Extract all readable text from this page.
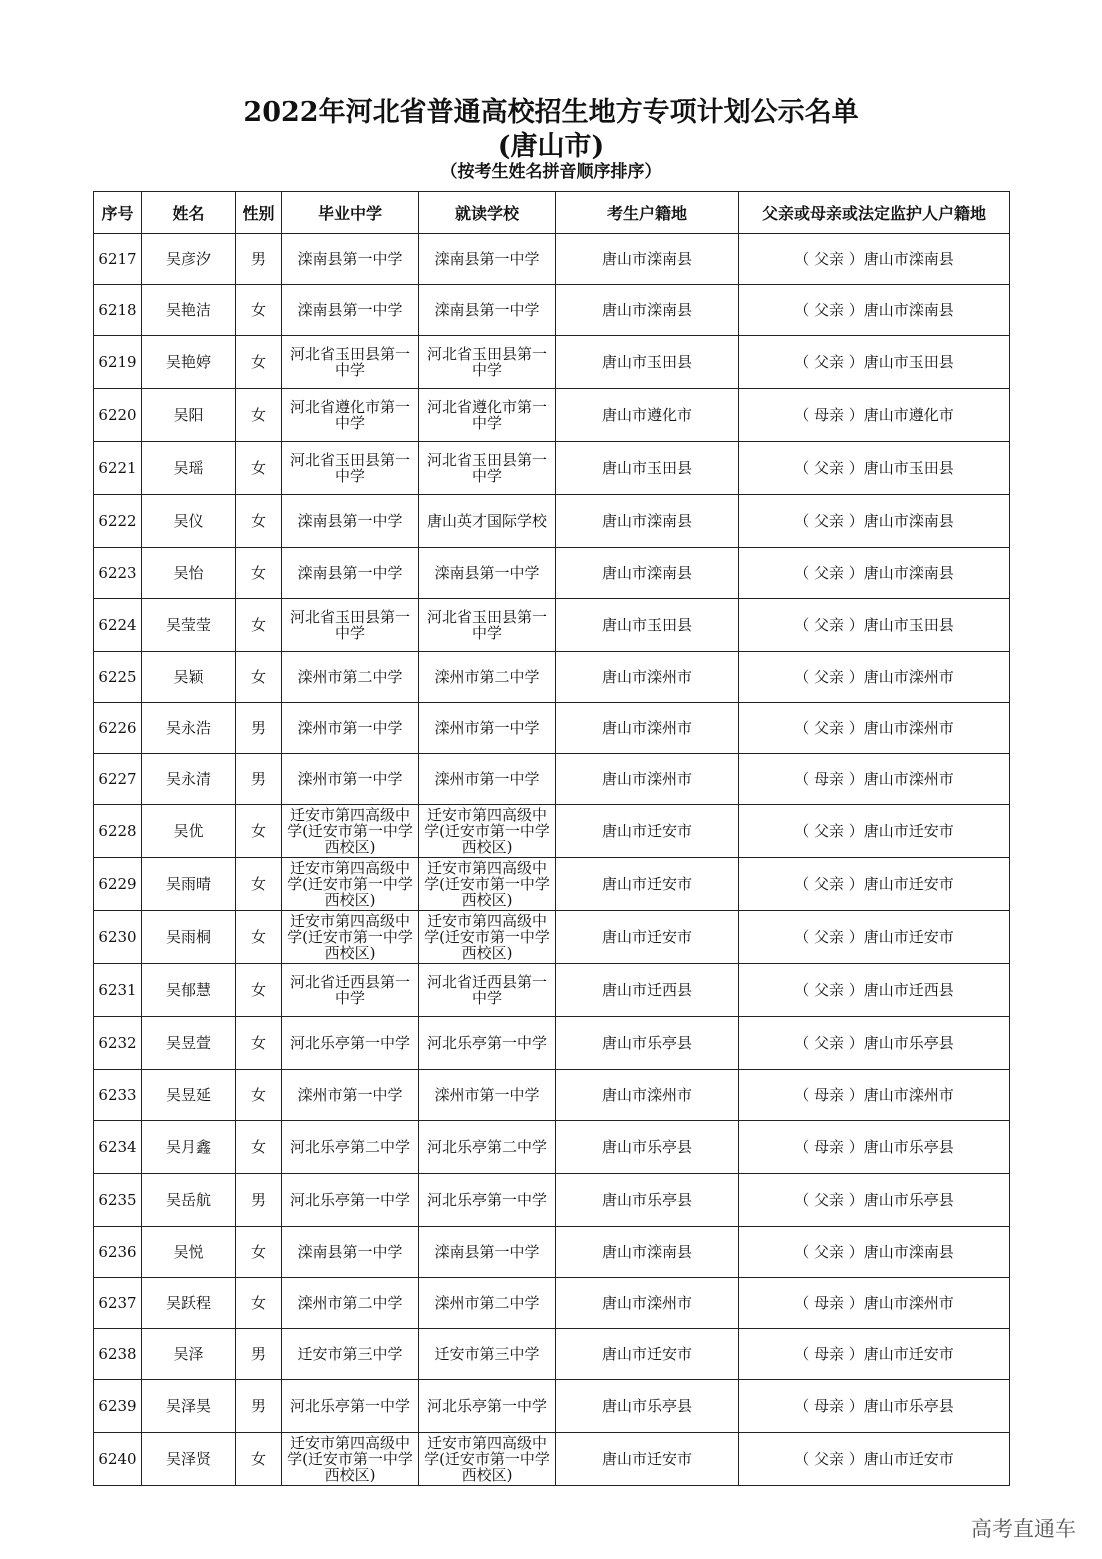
2022年河北省普通高校招生地方专项计划公示名单
(唐山市)
（按考生姓名拼音顺序排序）
序号	姓名	性别	毕业中学	就读学校	考生户籍地	父亲或母亲或法定监护人户籍地
6217	吴彦汐	男	滦南县第一中学	滦南县第一中学	唐山市滦南县	（ 父亲 ）唐山市滦南县
6218	吴艳洁	女	滦南县第一中学	滦南县第一中学	唐山市滦南县	（ 父亲 ）唐山市滦南县
6219	吴艳婷	女	河北省玉田县第一中学	河北省玉田县第一中学	唐山市玉田县	（ 父亲 ）唐山市玉田县
6220	吴阳	女	河北省遵化市第一中学	河北省遵化市第一中学	唐山市遵化市	（ 母亲 ）唐山市遵化市
6221	吴瑶	女	河北省玉田县第一中学	河北省玉田县第一中学	唐山市玉田县	（ 父亲 ）唐山市玉田县
6222	吴仪	女	滦南县第一中学	唐山英才国际学校	唐山市滦南县	（ 父亲 ）唐山市滦南县
6223	吴怡	女	滦南县第一中学	滦南县第一中学	唐山市滦南县	（ 父亲 ）唐山市滦南县
6224	吴莹莹	女	河北省玉田县第一中学	河北省玉田县第一中学	唐山市玉田县	（ 父亲 ）唐山市玉田县
6225	吴颖	女	滦州市第二中学	滦州市第二中学	唐山市滦州市	（ 父亲 ）唐山市滦州市
6226	吴永浩	男	滦州市第一中学	滦州市第一中学	唐山市滦州市	（ 父亲 ）唐山市滦州市
6227	吴永清	男	滦州市第一中学	滦州市第一中学	唐山市滦州市	（ 母亲 ）唐山市滦州市
6228	吴优	女	迁安市第四高级中学(迁安市第一中学西校区)	迁安市第四高级中学(迁安市第一中学西校区)	唐山市迁安市	（ 父亲 ）唐山市迁安市
6229	吴雨晴	女	迁安市第四高级中学(迁安市第一中学西校区)	迁安市第四高级中学(迁安市第一中学西校区)	唐山市迁安市	（ 父亲 ）唐山市迁安市
6230	吴雨桐	女	迁安市第四高级中学(迁安市第一中学西校区)	迁安市第四高级中学(迁安市第一中学西校区)	唐山市迁安市	（ 父亲 ）唐山市迁安市
6231	吴郁慧	女	河北省迁西县第一中学	河北省迁西县第一中学	唐山市迁西县	（ 父亲 ）唐山市迁西县
6232	吴昱萱	女	河北乐亭第一中学	河北乐亭第一中学	唐山市乐亭县	（ 父亲 ）唐山市乐亭县
6233	吴昱延	女	滦州市第一中学	滦州市第一中学	唐山市滦州市	（ 母亲 ）唐山市滦州市
6234	吴月鑫	女	河北乐亭第二中学	河北乐亭第二中学	唐山市乐亭县	（ 母亲 ）唐山市乐亭县
6235	吴岳航	男	河北乐亭第一中学	河北乐亭第一中学	唐山市乐亭县	（ 父亲 ）唐山市乐亭县
6236	吴悦	女	滦南县第一中学	滦南县第一中学	唐山市滦南县	（ 父亲 ）唐山市滦南县
6237	吴跃程	女	滦州市第二中学	滦州市第二中学	唐山市滦州市	（ 母亲 ）唐山市滦州市
6238	吴泽	男	迁安市第三中学	迁安市第三中学	唐山市迁安市	（ 母亲 ）唐山市迁安市
6239	吴泽昊	男	河北乐亭第一中学	河北乐亭第一中学	唐山市乐亭县	（ 母亲 ）唐山市乐亭县
6240	吴泽贤	女	迁安市第四高级中学(迁安市第一中学西校区)	迁安市第四高级中学(迁安市第一中学西校区)	唐山市迁安市	（ 父亲 ）唐山市迁安市
高考直通车
